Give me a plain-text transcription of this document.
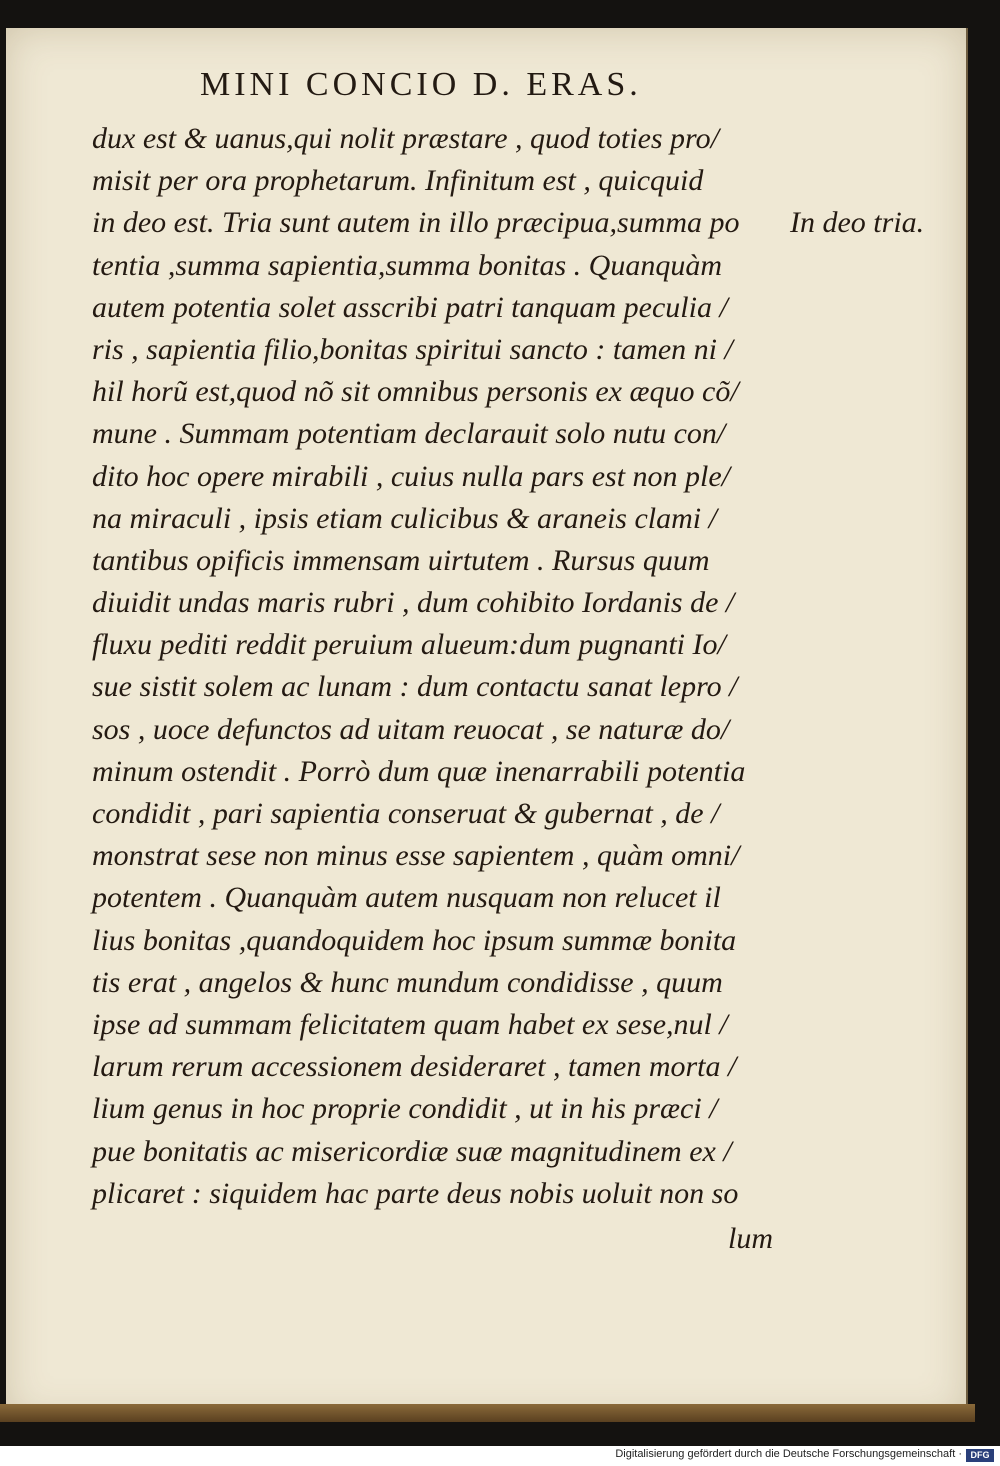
MINI CONCIO D. ERAS.
dux est & uanus,qui nolit præstare , quod toties pro/
misit per ora prophetarum. Infinitum est , quicquid
in deo est. Tria sunt autem in illo præcipua,summa po
tentia ,summa sapientia,summa bonitas . Quanquàm
autem potentia solet asscribi patri tanquam peculia /
ris , sapientia filio,bonitas spiritui sancto : tamen ni /
hil horũ est,quod nõ sit omnibus personis ex æquo cõ/
mune . Summam potentiam declarauit solo nutu con/
dito hoc opere mirabili , cuius nulla pars est non ple/
na miraculi , ipsis etiam culicibus & araneis clami /
tantibus opificis immensam uirtutem . Rursus quum
diuidit undas maris rubri , dum cohibito Iordanis de /
fluxu pediti reddit peruium alueum:dum pugnanti Io/
sue sistit solem ac lunam : dum contactu sanat lepro /
sos , uoce defunctos ad uitam reuocat , se naturæ do/
minum ostendit . Porrò dum quæ inenarrabili potentia
condidit , pari sapientia conseruat & gubernat , de /
monstrat sese non minus esse sapientem , quàm omni/
potentem . Quanquàm autem nusquam non relucet il
lius bonitas ,quandoquidem hoc ipsum summæ bonita
tis erat , angelos & hunc mundum condidisse , quum
ipse ad summam felicitatem quam habet ex sese,nul /
larum rerum accessionem desideraret , tamen morta /
lium genus in hoc proprie condidit , ut in his præci /
pue bonitatis ac misericordiæ suæ magnitudinem ex /
plicaret : siquidem hac parte deus nobis uoluit non so
In deo tria.
lum
Digitalisierung gefördert durch die Deutsche Forschungsgemeinschaft · DFG
